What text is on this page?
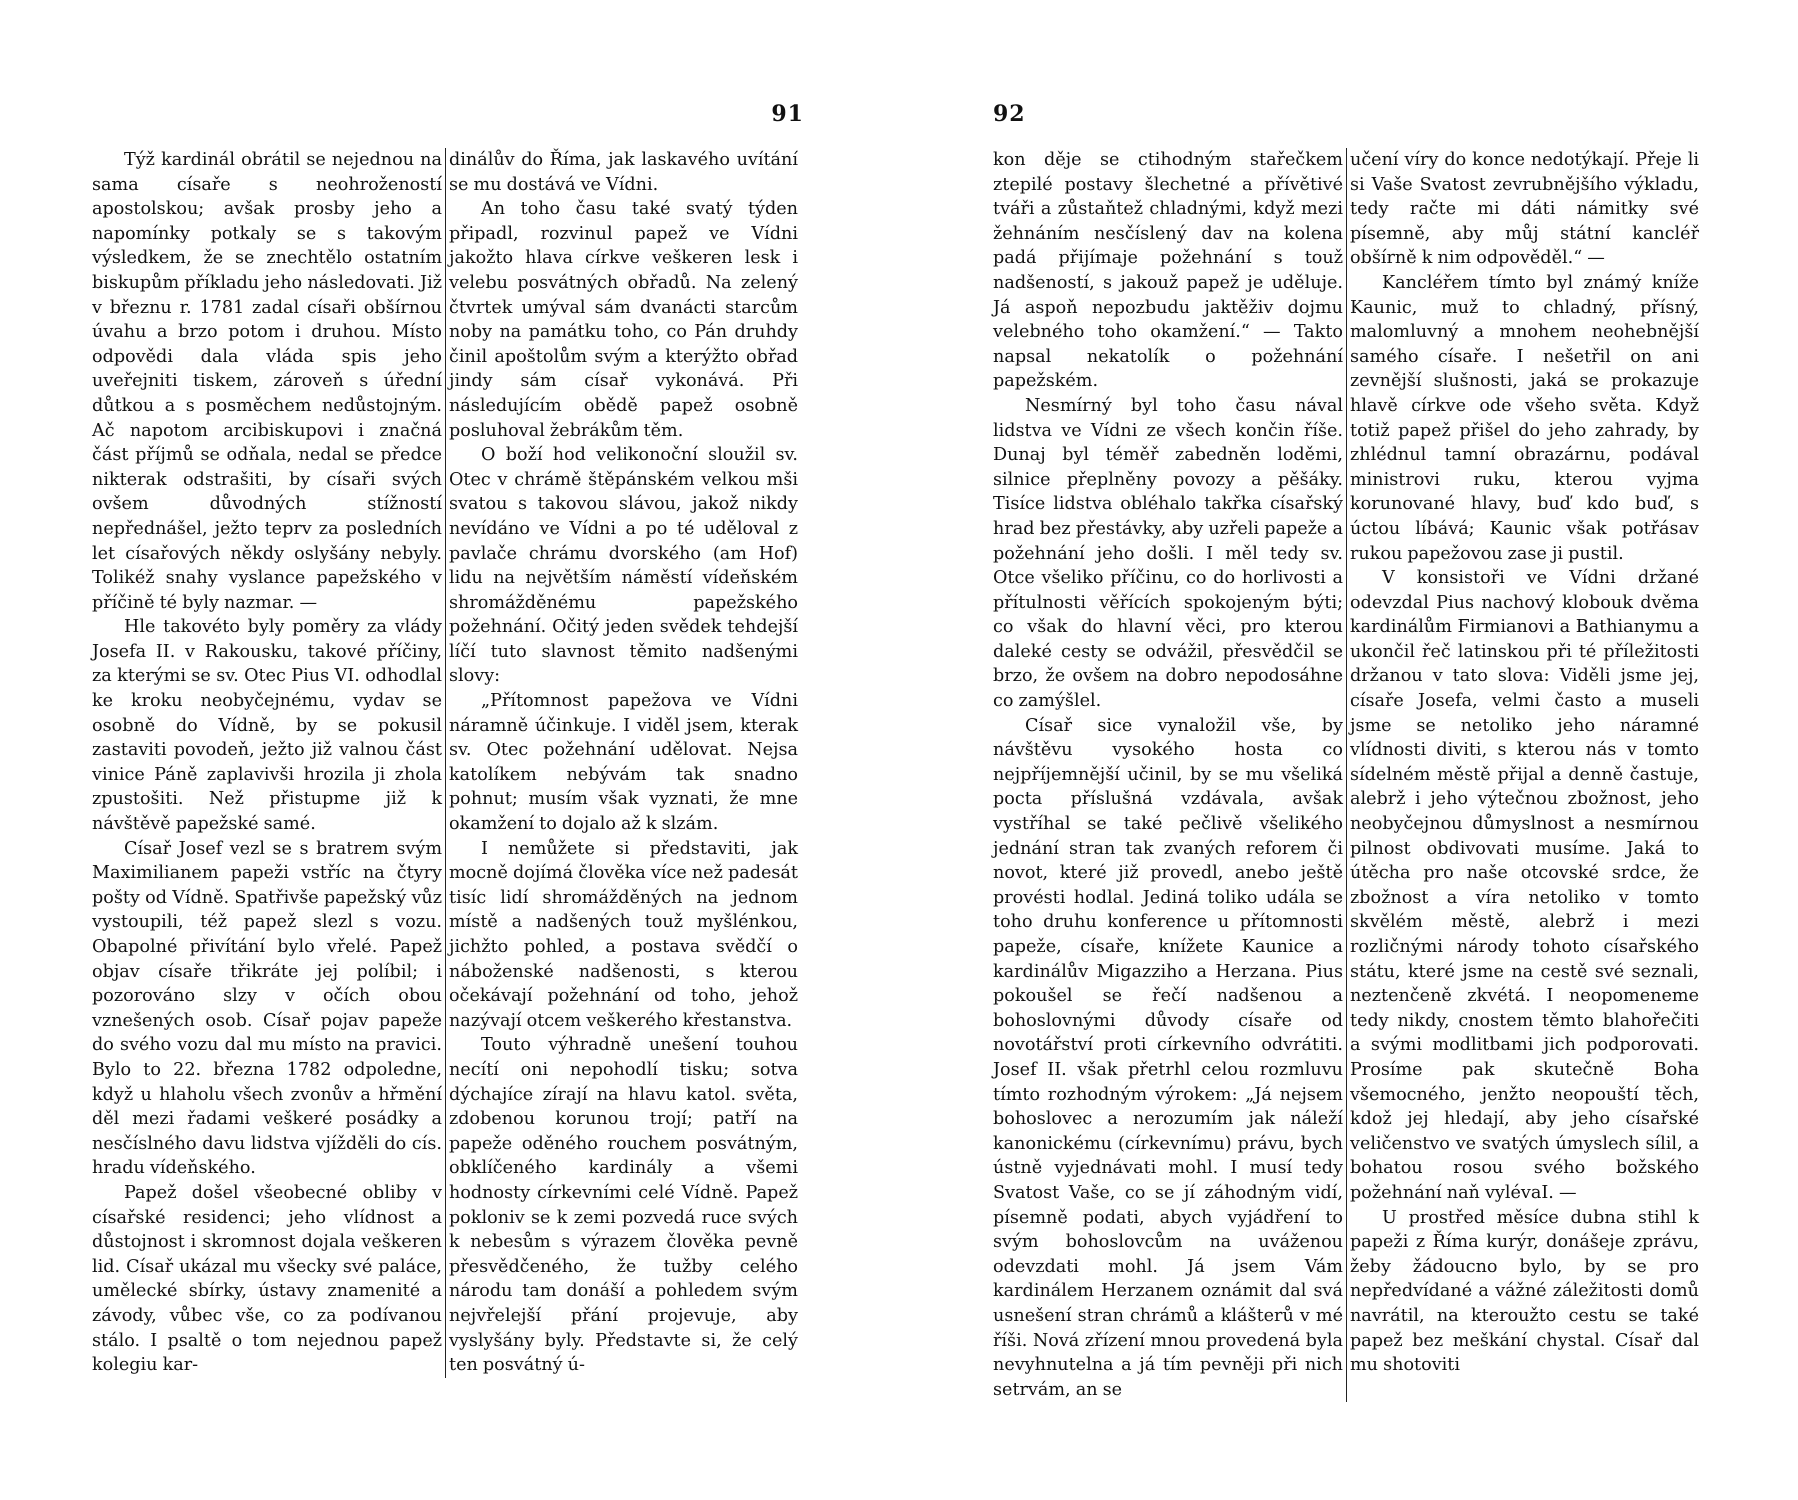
91

Týž kardinál obrátil se nejednou na sama císaře s neohrožeností apostolskou; avšak prosby jeho a napomínky potkaly se s takovým výsledkem, že se znechtělo ostatním biskupům příkladu jeho následovati. Již v březnu r. 1781 zadal císaři obšírnou úvahu a brzo potom i druhou. Místo odpovědi dala vláda spis jeho uveřejniti tiskem, zároveň s úřední důtkou a s posměchem nedůstojným. Ač napotom arcibiskupovi i značná část příjmů se odňala, nedal se předce nikterak odstrašiti, by císaři svých ovšem důvodných stížností nepřednášel, ježto teprv za posledních let císařových někdy oslyšány nebyly. Tolikéž snahy vyslance papežského v příčině té byly nazmar. —

Hle takovéto byly poměry za vlády Josefa II. v Rakousku, takové příčiny, za kterými se sv. Otec Pius VI. odhodlal ke kroku neobyčejnému, vydav se osobně do Vídně, by se pokusil zastaviti povodeň, ježto již valnou část vinice Páně zaplavivši hrozila ji zhola zpustošiti. Než přistupme již k návštěvě papežské samé.

Císař Josef vezl se s bratrem svým Maximilianem papeži vstříc na čtyry pošty od Vídně. Spatřivše papežský vůz vystoupili, též papež slezl s vozu. Obapolné přivítání bylo vřelé. Papež objav císaře třikráte jej políbil; i pozorováno slzy v očích obou vznešených osob. Císař pojav papeže do svého vozu dal mu místo na pravici. Bylo to 22. března 1782 odpoledne, když u hlaholu všech zvonův a hřmění děl mezi řadami veškeré posádky a nesčíslného davu lidstva vjížděli do cís. hradu vídeňského.

Papež došel všeobecné obliby v císařské residenci; jeho vlídnost a důstojnost i skromnost dojala veškeren lid. Císař ukázal mu všecky své paláce, umělecké sbírky, ústavy znamenité a závody, vůbec vše, co za podívanou stálo. I psaltě o tom nejednou papež kolegiu kar-

dinálův do Říma, jak laskavého uvítání se mu dostává ve Vídni.

An toho času také svatý týden připadl, rozvinul papež ve Vídni jakožto hlava církve veškeren lesk i velebu posvátných obřadů. Na zelený čtvrtek umýval sám dvanácti starcům noby na památku toho, co Pán druhdy činil apoštolům svým a kterýžto obřad jindy sám císař vykonává. Při následujícím obědě papež osobně posluhoval žebrákům těm.

O boží hod velikonoční sloužil sv. Otec v chrámě štěpánském velkou mši svatou s takovou slávou, jakož nikdy nevídáno ve Vídni a po té uděloval z pavlače chrámu dvorského (am Hof) lidu na největším náměstí vídeňském shromážděnému papežského požehnání. Očitý jeden svědek tehdejší líčí tuto slavnost těmito nadšenými slovy:

„Přítomnost papežova ve Vídni náramně účinkuje. I viděl jsem, kterak sv. Otec požehnání udělovat. Nejsa katolíkem nebývám tak snadno pohnut; musím však vyznati, že mne okamžení to dojalo až k slzám.

I nemůžete si představiti, jak mocně dojímá člověka více než padesát tisíc lidí shromážděných na jednom místě a nadšených touž myšlénkou, jichžto pohled, a postava svědčí o náboženské nadšenosti, s kterou očekávají požehnání od toho, jehož nazývají otcem veškerého křestanstva.

Touto výhradně unešení touhou necítí oni nepohodlí tisku; sotva dýchajíce zírají na hlavu katol. světa, zdobenou korunou trojí; patří na papeže oděného rouchem posvátným, obklíčeného kardinály a všemi hodnosty církevními celé Vídně. Papež pokloniv se k zemi pozvedá ruce svých k nebesům s výrazem člověka pevně přesvědčeného, že tužby celého národu tam donáší a pohledem svým nejvřelejší přání projevuje, aby vyslyšány byly. Představte si, že celý ten posvátný ú-

92

kon děje se ctihodným stařečkem ztepilé postavy šlechetné a přívětivé tváři a zůstaňtež chladnými, když mezi žehnáním nesčíslený dav na kolena padá přijímaje požehnání s touž nadšeností, s jakouž papež je uděluje. Já aspoň nepozbudu jaktěživ dojmu velebného toho okamžení.“ — Takto napsal nekatolík o požehnání papežském.

Nesmírný byl toho času nával lidstva ve Vídni ze všech končin říše. Dunaj byl téměř zabedněn loděmi, silnice přeplněny povozy a pěšáky. Tisíce lidstva obléhalo takřka císařský hrad bez přestávky, aby uzřeli papeže a požehnání jeho došli. I měl tedy sv. Otce všeliko příčinu, co do horlivosti a přítulnosti věřících spokojeným býti; co však do hlavní věci, pro kterou daleké cesty se odvážil, přesvědčil se brzo, že ovšem na dobro nepodosáhne co zamýšlel.

Císař sice vynaložil vše, by návštěvu vysokého hosta co nejpříjemnější učinil, by se mu všeliká pocta příslušná vzdávala, avšak vystříhal se také pečlivě všelikého jednání stran tak zvaných reforem či novot, které již provedl, anebo ještě provésti hodlal. Jediná toliko udála se toho druhu konference u přítomnosti papeže, císaře, knížete Kaunice a kardinálův Migazziho a Herzana. Pius pokoušel se řečí nadšenou a bohoslovnými důvody císaře od novotářství proti církevního odvrátiti. Josef II. však přetrhl celou rozmluvu tímto rozhodným výrokem: „Já nejsem bohoslovec a nerozumím jak náleží kanonickému (církevnímu) právu, bych ústně vyjednávati mohl. I musí tedy Svatost Vaše, co se jí záhodným vidí, písemně podati, abych vyjádření to svým bohoslovcům na uváženou odevzdati mohl. Já jsem Vám kardinálem Herzanem oznámit dal svá usnešení stran chrámů a klášterů v mé říši. Nová zřízení mnou provedená byla nevyhnutelna a já tím pevněji při nich setrvám, an se

učení víry do konce nedotýkají. Přeje li si Vaše Svatost zevrubnějšího výkladu, tedy račte mi dáti námitky své písemně, aby můj státní kancléř obšírně k nim odpověděl.“ —

Kancléřem tímto byl známý kníže Kaunic, muž to chladný, přísný, malomluvný a mnohem neohebnější samého císaře. I nešetřil on ani zevnější slušnosti, jaká se prokazuje hlavě církve ode všeho světa. Když totiž papež přišel do jeho zahrady, by zhlédnul tamní obrazárnu, podával ministrovi ruku, kterou vyjma korunované hlavy, buď kdo buď, s úctou líbává; Kaunic však potřásav rukou papežovou zase ji pustil.

V konsistoři ve Vídni držané odevzdal Pius nachový klobouk dvěma kardinálům Firmianovi a Bathianymu a ukončil řeč latinskou při té příležitosti držanou v tato slova: Viděli jsme jej, císaře Josefa, velmi často a museli jsme se netoliko jeho náramné vlídnosti diviti, s kterou nás v tomto sídelném městě přijal a denně častuje, alebrž i jeho výtečnou zbožnost, jeho neobyčejnou důmyslnost a nesmírnou pilnost obdivovati musíme. Jaká to útěcha pro naše otcovské srdce, že zbožnost a víra netoliko v tomto skvělém městě, alebrž i mezi rozličnými národy tohoto císařského státu, které jsme na cestě své seznali, neztenčeně zkvétá. I neopomeneme tedy nikdy, cnostem těmto blahořečiti a svými modlitbami jich podporovati. Prosíme pak skutečně Boha všemocného, jenžto neopouští těch, kdož jej hledají, aby jeho císařské veličenstvo ve svatých úmyslech sílil, a bohatou rosou svého božského požehnání naň vylévaI. —

U prostřed měsíce dubna stihl k papeži z Říma kurýr, donášeje zprávu, žeby žádoucno bylo, by se pro nepředvídané a vážné záležitosti domů navrátil, na kteroužto cestu se také papež bez meškání chystal. Císař dal mu shotoviti
